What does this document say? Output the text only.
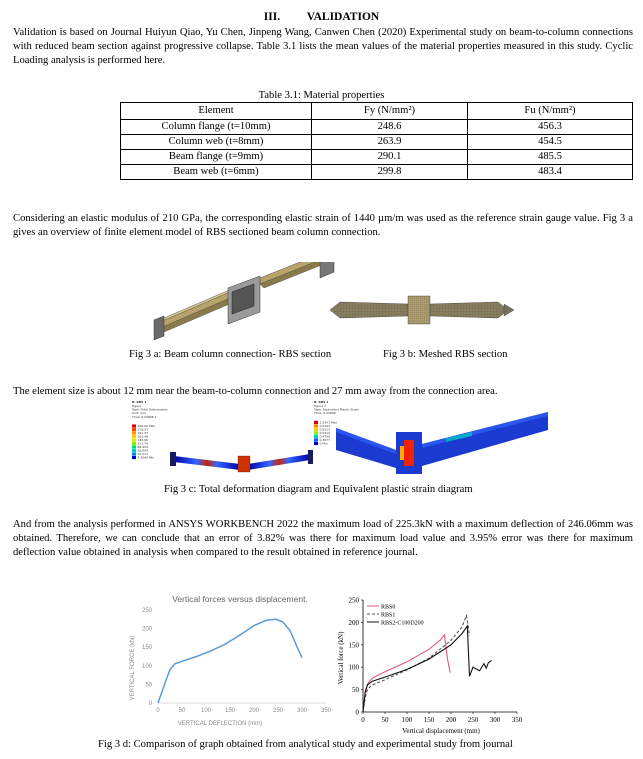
III. VALIDATION

Validation is based on Journal Huiyun Qiao, Yu Chen, Jinpeng Wang, Canwen Chen (2020) Experimental study on beam-to-column connections with reduced beam section against progressive collapse. Table 3.1 lists the mean values of the material properties measured in this study. Cyclic Loading analysis is performed here.

Table 3.1: Material properties
Element	Fy (N/mm²)	Fu (N/mm²)
Column flange (t=10mm)	248.6	456.3
Column web (t=8mm)	263.9	454.5
Beam flange (t=9mm)	290.1	485.5
Beam web (t=6mm)	299.8	483.4

Considering an elastic modulus of 210 GPa, the corresponding elastic strain of 1440 µm/m was used as the reference strain gauge value. Fig 3 a gives an overview of finite element model of RBS sectioned beam column connection.

Fig 3 a: Beam column connection- RBS section	Fig 3 b: Meshed RBS section

The element size is about 12 mm near the beam-to-column connection and 27 mm away from the connection area.

B: RBS 1
Figure
Type: Total Deformation
Unit: mm
Time: 0.00898 s
246.06 Max
219.21
191.37
163.48
136.66
111.78
86.924
56.069
31.211
4.3549 Min
B: RBS 1
Figure 2
Type: Equivalent Plastic Strain
Time: 0.00898
1.0347 Max
0.9192
0.6213
0.5312
0.4798
0.3677
0 Min
Fig 3 c: Total deformation diagram and Equivalent plastic strain diagram

And from the analysis performed in ANSYS WORKBENCH 2022 the maximum load of 225.3kN with a maximum deflection of 246.06mm was obtained. Therefore, we can conclude that an error of 3.82% was there for maximum load value and 3.95% error was there for maximum deflection value obtained in analysis when compared to the result obtained in reference journal.

Vertical forces versus displacement.
0	50	100 150 200 250 300 350
0
50
100
150
200
250
VERTICAL DEFLECTION (mm)
VERTICAL FORCE (kN)
0 50 100 150 200 250 300 350
0
50
100
150
200
250
RBS0
RBS1
RBS2-C100D200
Vertical displacement (mm)
Vertical force (kN)
Fig 3 d: Comparison of graph obtained from analytical study and experimental study from journal
